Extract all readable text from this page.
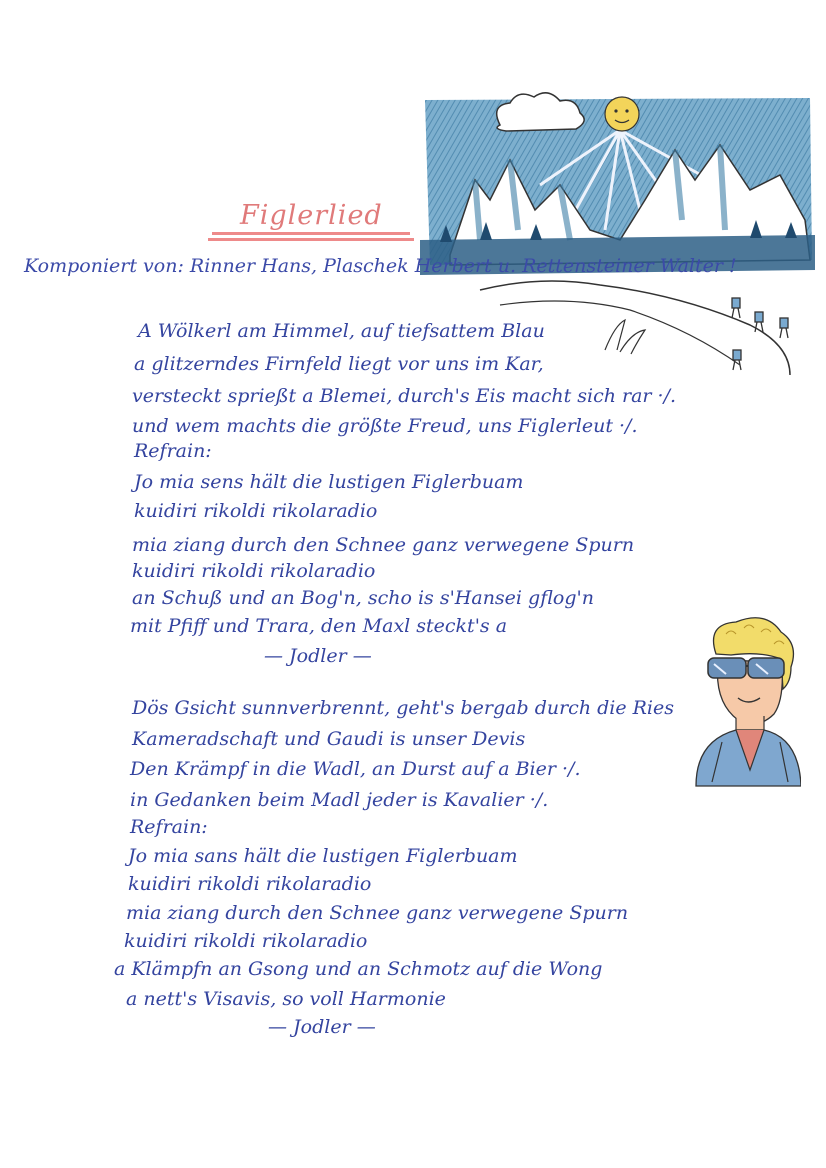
Figlerlied
Komponiert von: Rinner Hans, Plaschek Herbert u. Rettensteiner Walter !
A Wölkerl am Himmel, auf tiefsattem Blau
a glitzerndes Firnfeld liegt vor uns im Kar,
versteckt sprießt a Blemei, durch's Eis macht sich rar ·/.
und wem machts die größte Freud, uns Figlerleut ·/.
Refrain:
Jo mia sens hält die lustigen Figlerbuam
kuidiri rikoldi rikolaradio
mia ziang durch den Schnee ganz verwegene Spurn
kuidiri rikoldi rikolaradio
an Schuß und an Bog'n, scho is s'Hansei gflog'n
mit Pfiff und Trara, den Maxl steckt's a
— Jodler —
Dös Gsicht sunnverbrennt, geht's bergab durch die Ries
Kameradschaft und Gaudi is unser Devis
Den Krämpf in die Wadl, an Durst auf a Bier ·/.
in Gedanken beim Madl jeder is Kavalier ·/.
Refrain:
Jo mia sans hält die lustigen Figlerbuam
kuidiri rikoldi rikolaradio
mia ziang durch den Schnee ganz verwegene Spurn
kuidiri rikoldi rikolaradio
a Klämpfn an Gsong und an Schmotz auf die Wong
a nett's Visavis, so voll Harmonie
— Jodler —
